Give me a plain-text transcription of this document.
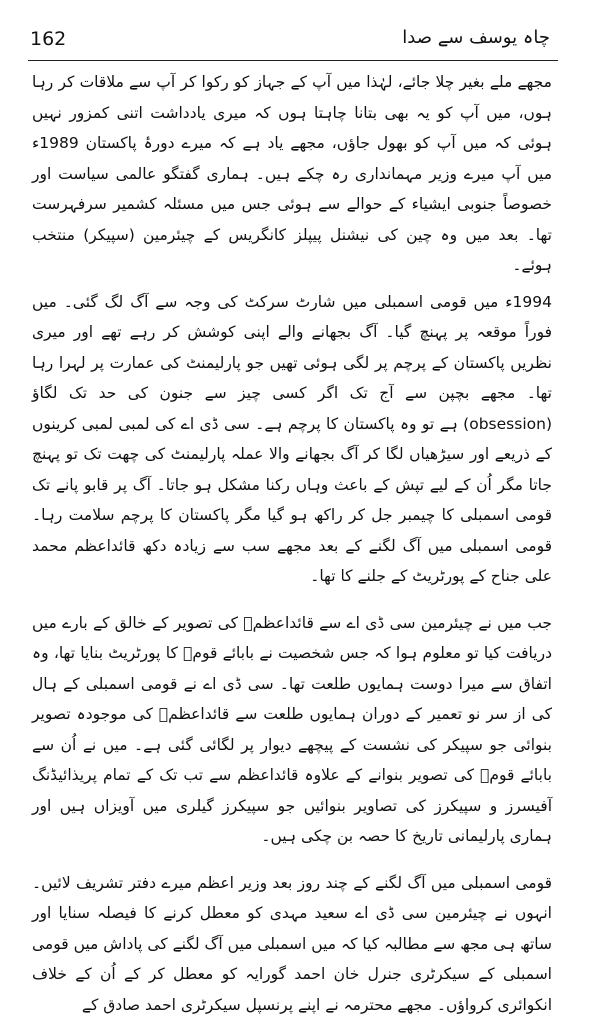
162	چاہ یوسف سے صدا

مجھے ملے بغیر چلا جائے، لہٰذا میں آپ کے جہاز کو رکوا کر آپ سے ملاقات کر رہا ہوں، میں آپ کو یہ بھی بتانا چاہتا ہوں کہ میری یادداشت اتنی کمزور نہیں ہوئی کہ میں آپ کو بھول جاؤں، مجھے یاد ہے کہ میرے دورۂ پاکستان 1989ء میں آپ میرے وزیر مہمانداری رہ چکے ہیں۔ ہماری گفتگو عالمی سیاست اور خصوصاً جنوبی ایشیاء کے حوالے سے ہوئی جس میں مسئلہ کشمیر سرفہرست تھا۔ بعد میں وہ چین کی نیشنل پیپلز کانگریس کے چیئرمین (سپیکر) منتخب ہوئے۔

1994ء میں قومی اسمبلی میں شارٹ سرکٹ کی وجہ سے آگ لگ گئی۔ میں فوراً موقعہ پر پہنچ گیا۔ آگ بجھانے والے اپنی کوشش کر رہے تھے اور میری نظریں پاکستان کے پرچم پر لگی ہوئی تھیں جو پارلیمنٹ کی عمارت پر لہرا رہا تھا۔ مجھے بچپن سے آج تک اگر کسی چیز سے جنون کی حد تک لگاؤ (obsession) ہے تو وہ پاکستان کا پرچم ہے۔ سی ڈی اے کی لمبی لمبی کرینوں کے ذریعے اور سیڑھیاں لگا کر آگ بجھانے والا عملہ پارلیمنٹ کی چھت تک تو پہنچ جاتا مگر اُن کے لیے تپش کے باعث وہاں رکنا مشکل ہو جاتا۔ آگ پر قابو پانے تک قومی اسمبلی کا چیمبر جل کر راکھ ہو گیا مگر پاکستان کا پرچم سلامت رہا۔ قومی اسمبلی میں آگ لگنے کے بعد مجھے سب سے زیادہ دکھ قائداعظم محمد علی جناح کے پورٹریٹ کے جلنے کا تھا۔

جب میں نے چیئرمین سی ڈی اے سے قائداعظمؒ کی تصویر کے خالق کے بارے میں دریافت کیا تو معلوم ہوا کہ جس شخصیت نے بابائے قومؒ کا پورٹریٹ بنایا تھا، وہ اتفاق سے میرا دوست ہمایوں طلعت تھا۔ سی ڈی اے نے قومی اسمبلی کے ہال کی از سر نو تعمیر کے دوران ہمایوں طلعت سے قائداعظمؒ کی موجودہ تصویر بنوائی جو سپیکر کی نشست کے پیچھے دیوار پر لگائی گئی ہے۔ میں نے اُن سے بابائے قومؒ کی تصویر بنوانے کے علاوہ قائداعظم سے تب تک کے تمام پریذائیڈنگ آفیسرز و سپیکرز کی تصاویر بنوائیں جو سپیکرز گیلری میں آویزاں ہیں اور ہماری پارلیمانی تاریخ کا حصہ بن چکی ہیں۔

قومی اسمبلی میں آگ لگنے کے چند روز بعد وزیر اعظم میرے دفتر تشریف لائیں۔ انہوں نے چیئرمین سی ڈی اے سعید مہدی کو معطل کرنے کا فیصلہ سنایا اور ساتھ ہی مجھ سے مطالبہ کیا کہ میں اسمبلی میں آگ لگنے کی پاداش میں قومی اسمبلی کے سیکرٹری جنرل خان احمد گورایہ کو معطل کر کے اُن کے خلاف انکوائری کرواؤں۔ مجھے محترمہ نے اپنے پرنسپل سیکرٹری احمد صادق کے
